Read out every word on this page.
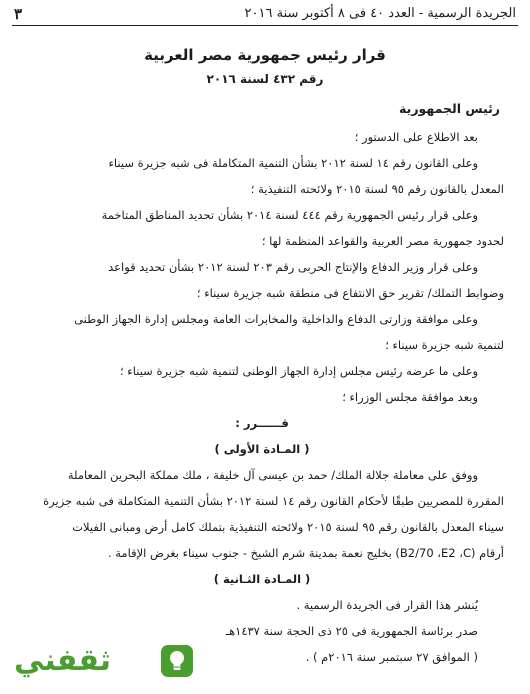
الجريدة الرسمية - العدد ٤٠ فى ٨ أكتوبر سنة ٢٠١٦
٣
قرار رئيس جمهورية مصر العربية
رقم ٤٣٢ لسنة ٢٠١٦
رئيس الجمهورية
بعد الاطلاع على الدستور ؛
وعلى القانون رقم ١٤ لسنة ٢٠١٢ بشأن التنمية المتكاملة فى شبه جزيرة سيناء
المعدل بالقانون رقم ٩٥ لسنة ٢٠١٥ ولائحته التنفيذية ؛
وعلى قرار رئيس الجمهورية رقم ٤٤٤ لسنة ٢٠١٤ بشأن تحديد المناطق المتاخمة
لحدود جمهورية مصر العربية والقواعد المنظمة لها ؛
وعلى قرار وزير الدفاع والإنتاج الحربى رقم ٢٠٣ لسنة ٢٠١٢ بشأن تحديد قواعد
وضوابط التملك/ تقرير حق الانتفاع فى منطقة شبه جزيرة سيناء ؛
وعلى موافقة وزارتى الدفاع والداخلية والمخابرات العامة ومجلس إدارة الجهاز الوطنى
لتنمية شبه جزيرة سيناء ؛
وعلى ما عرضه رئيس مجلس إدارة الجهاز الوطنى لتنمية شبه جزيرة سيناء ؛
وبعد موافقة مجلس الوزراء ؛
قــــــرر :
( المـادة الأولى )
ووفق على معاملة جلالة الملك/ حمد بن عيسى آل خليفة ، ملك مملكة البحرين المعاملة
المقررة للمصريين طبقًا لأحكام القانون رقم ١٤ لسنة ٢٠١٢ بشأن التنمية المتكاملة فى شبه جزيرة
سيناء المعدل بالقانون رقم ٩٥ لسنة ٢٠١٥ ولائحته التنفيذية بتملك كامل أرض ومبانى الفيلات
أرقام (B2/70 ،E2 ،C) بخليج نعمة بمدينة شرم الشيخ - جنوب سيناء بغرض الإقامة .
( المـادة الثـانية )
يُنشر هذا القرار فى الجريدة الرسمية .
صدر برئاسة الجمهورية فى ٢٥ ذى الحجة سنة ١٤٣٧هـ
( الموافق ٢٧ سبتمبر سنة ٢٠١٦م ) .
ثقفني
